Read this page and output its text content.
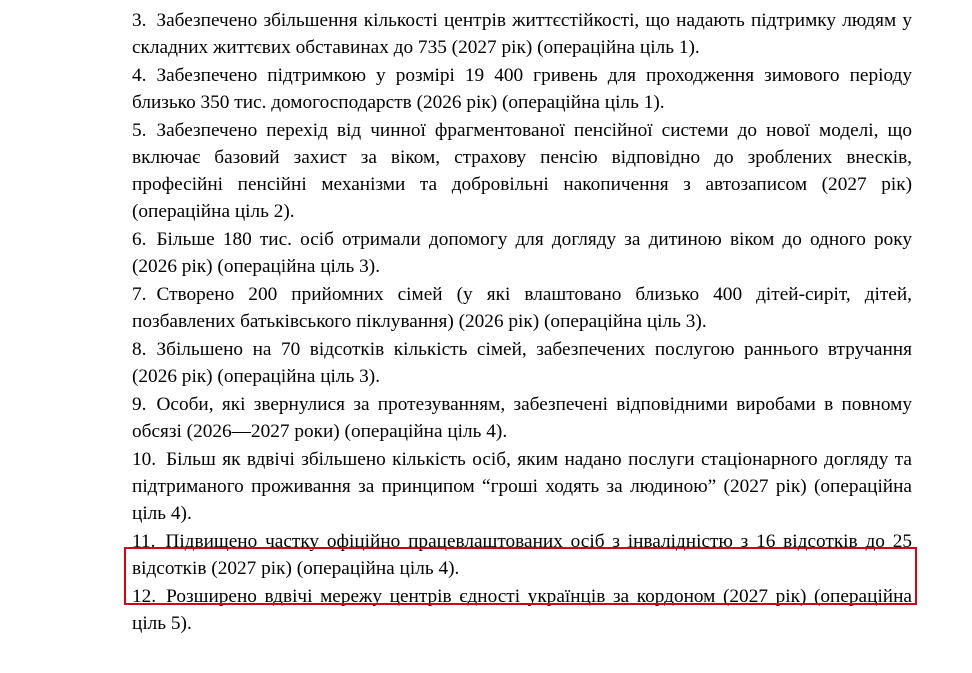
3. Забезпечено збільшення кількості центрів життєстійкості, що надають підтримку людям у складних життєвих обставинах до 735 (2027 рік) (операційна ціль 1).

4. Забезпечено підтримкою у розмірі 19 400 гривень для проходження зимового періоду близько 350 тис. домогосподарств (2026 рік) (операційна ціль 1).

5. Забезпечено перехід від чинної фрагментованої пенсійної системи до нової моделі, що включає базовий захист за віком, страхову пенсію відповідно до зроблених внесків, професійні пенсійні механізми та добровільні накопичення з автозаписом (2027 рік) (операційна ціль 2).

6. Більше 180 тис. осіб отримали допомогу для догляду за дитиною віком до одного року (2026 рік) (операційна ціль 3).

7. Створено 200 прийомних сімей (у які влаштовано близько 400 дітей-сиріт, дітей, позбавлених батьківського піклування) (2026 рік) (операційна ціль 3).

8. Збільшено на 70 відсотків кількість сімей, забезпечених послугою раннього втручання (2026 рік) (операційна ціль 3).

9. Особи, які звернулися за протезуванням, забезпечені відповідними виробами в повному обсязі (2026—2027 роки) (операційна ціль 4).

10. Більш як вдвічі збільшено кількість осіб, яким надано послуги стаціонарного догляду та підтриманого проживання за принципом “гроші ходять за людиною” (2027 рік) (операційна ціль 4).

11. Підвищено частку офіційно працевлаштованих осіб з інвалідністю з 16 відсотків до 25 відсотків (2027 рік) (операційна ціль 4).

12. Розширено вдвічі мережу центрів єдності українців за кордоном (2027 рік) (операційна ціль 5).
